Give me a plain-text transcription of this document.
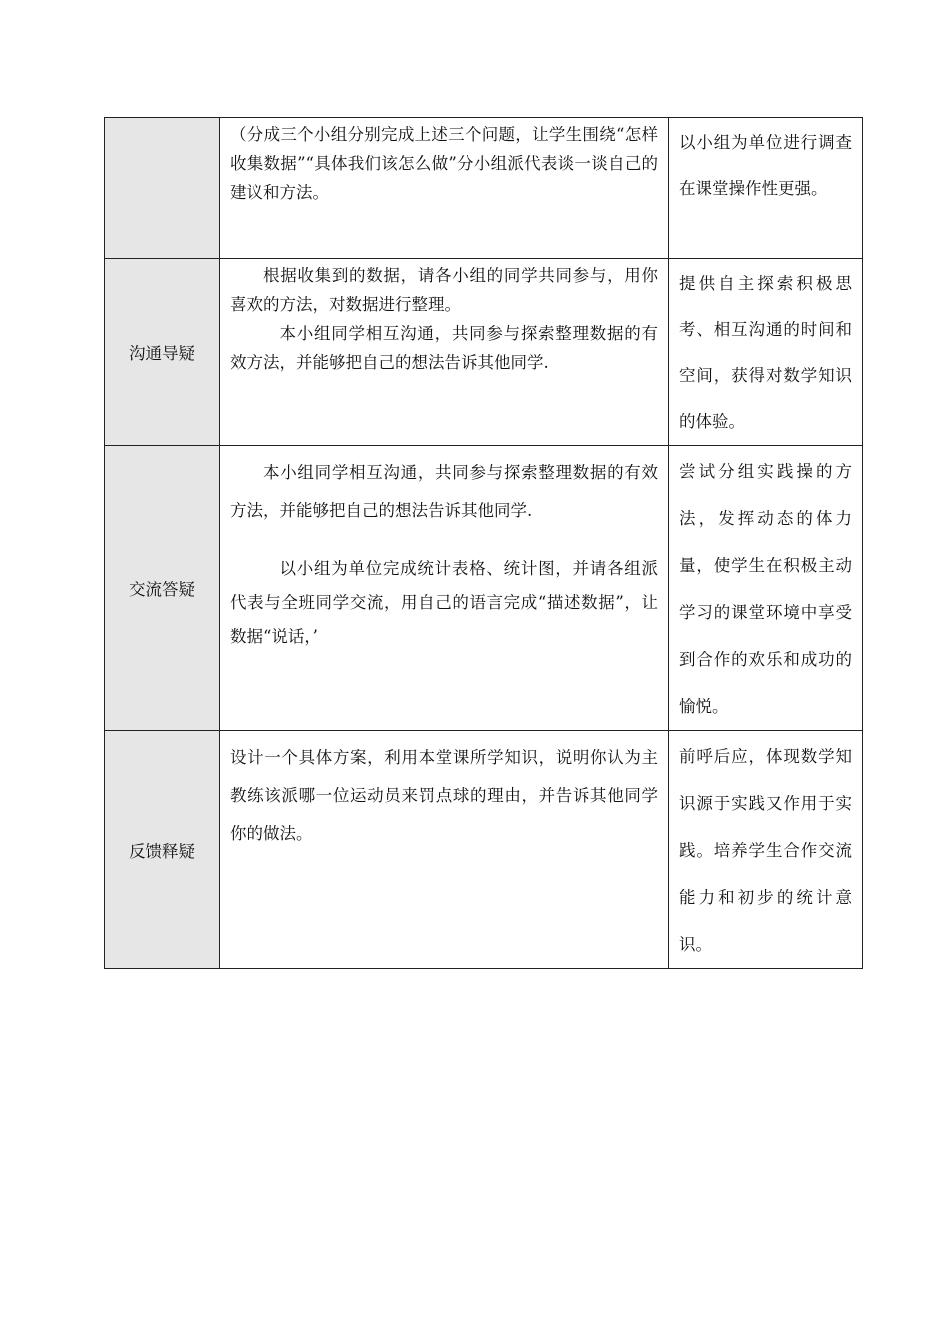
	（分成三个小组分别完成上述三个问题，让学生围绕“怎样收集数据”“具体我们该怎么做”分小组派代表谈一谈自己的建议和方法。	以小组为单位进行调查在课堂操作性更强。

沟通导疑	根据收集到的数据，请各小组的同学共同参与，用你喜欢的方法，对数据进行整理。

本小组同学相互沟通，共同参与探索整理数据的有效方法，并能够把自己的想法告诉其他同学.	提供自主探索积极思考、相互沟通的时间和空间，获得对数学知识的体验。

交流答疑	本小组同学相互沟通，共同参与探索整理数据的有效方法，并能够把自己的想法告诉其他同学.

以小组为单位完成统计表格、统计图，并请各组派代表与全班同学交流，用自己的语言完成“描述数据”，让数据“说话，’	尝试分组实践操的方法，发挥动态的体力量，使学生在积极主动学习的课堂环境中享受到合作的欢乐和成功的愉悦。

反馈释疑	设计一个具体方案，利用本堂课所学知识，说明你认为主教练该派哪一位运动员来罚点球的理由，并告诉其他同学你的做法。	前呼后应，体现数学知识源于实践又作用于实践。培养学生合作交流能力和初步的统计意识。
